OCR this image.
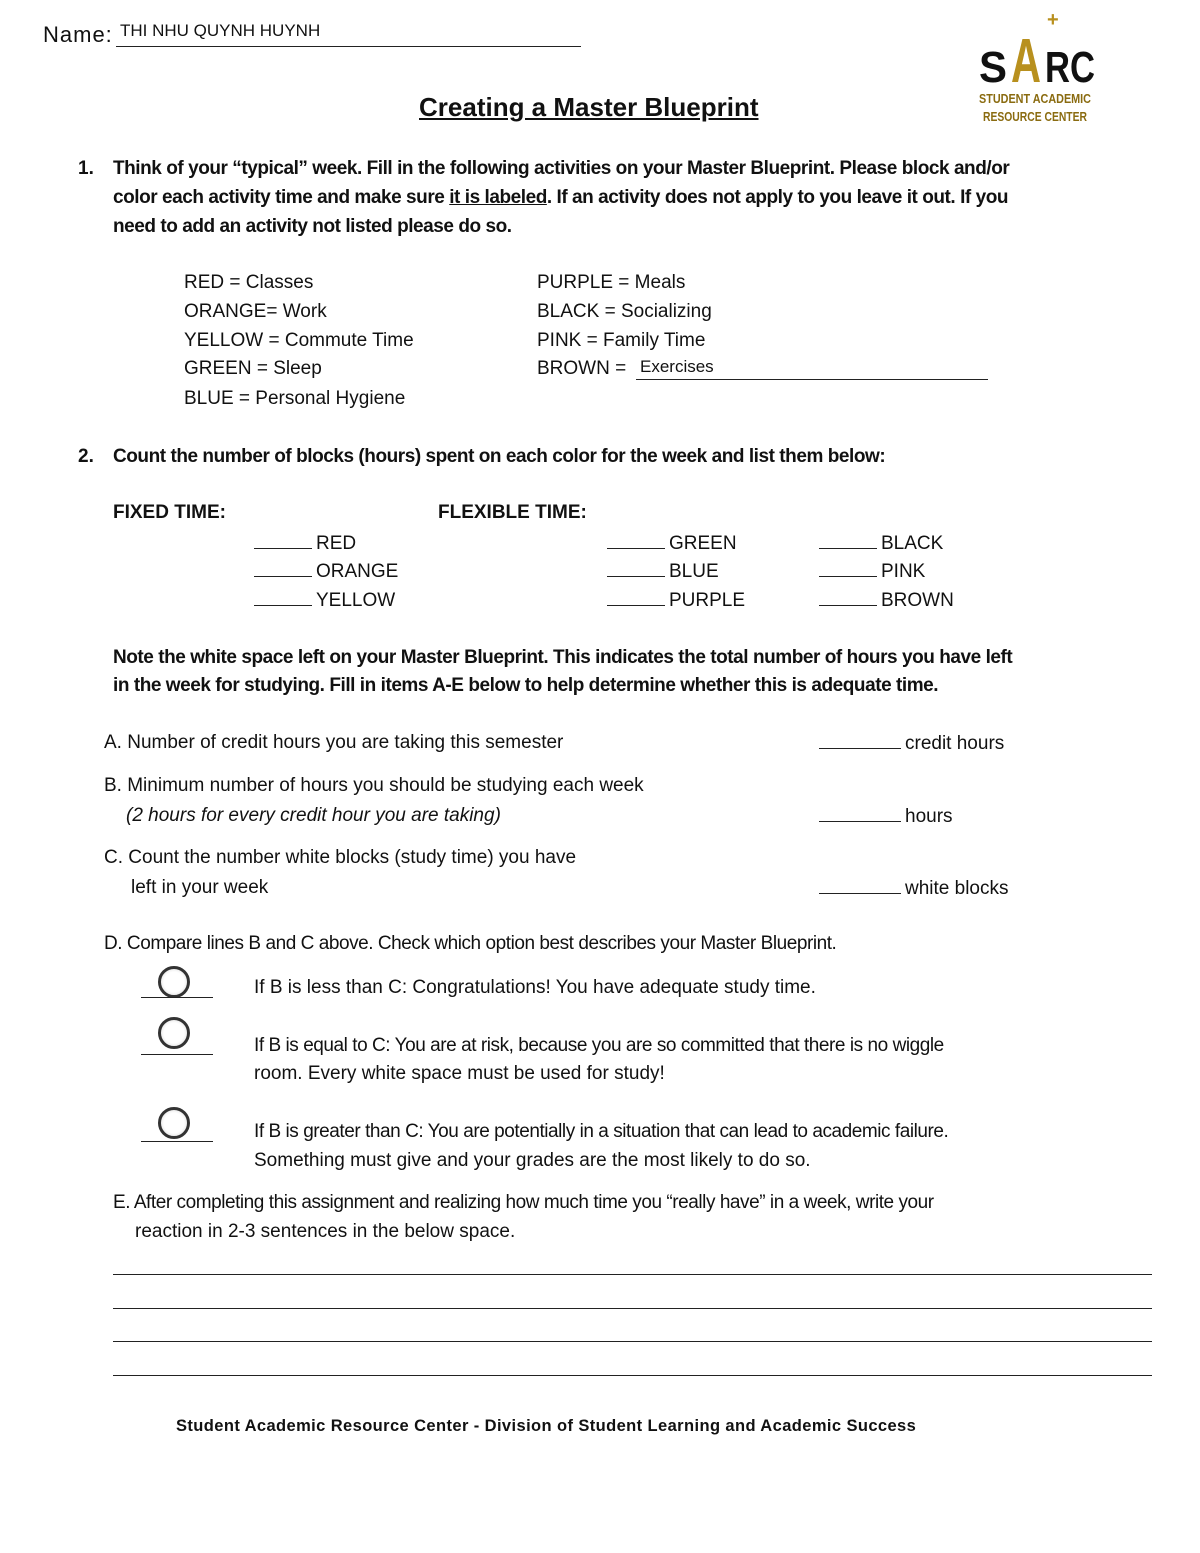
Name: THI NHU QUYNH HUYNH
S A RC
+
STUDENT ACADEMIC
RESOURCE CENTER
Creating a Master Blueprint
1. Think of your “typical” week. Fill in the following activities on your Master Blueprint. Please block and/or
color each activity time and make sure it is labeled. If an activity does not apply to you leave it out. If you
need to add an activity not listed please do so.
RED = Classes
ORANGE= Work
YELLOW = Commute Time
GREEN = Sleep
BLUE = Personal Hygiene
PURPLE = Meals
BLACK = Socializing
PINK = Family Time
BROWN = Exercises
2. Count the number of blocks (hours) spent on each color for the week and list them below:
FIXED TIME:	FLEXIBLE TIME:
RED
ORANGE
YELLOW
GREEN
BLUE
PURPLE
BLACK
PINK
BROWN
Note the white space left on your Master Blueprint. This indicates the total number of hours you have left
in the week for studying. Fill in items A-E below to help determine whether this is adequate time.
A. Number of credit hours you are taking this semester	credit hours
B. Minimum number of hours you should be studying each week
(2 hours for every credit hour you are taking)	hours
C. Count the number white blocks (study time) you have
left in your week	white blocks
D. Compare lines B and C above. Check which option best describes your Master Blueprint.
If B is less than C: Congratulations! You have adequate study time.
If B is equal to C: You are at risk, because you are so committed that there is no wiggle
room. Every white space must be used for study!
If B is greater than C: You are potentially in a situation that can lead to academic failure.
Something must give and your grades are the most likely to do so.
E. After completing this assignment and realizing how much time you “really have” in a week, write your
reaction in 2-3 sentences in the below space.
Student Academic Resource Center - Division of Student Learning and Academic Success
